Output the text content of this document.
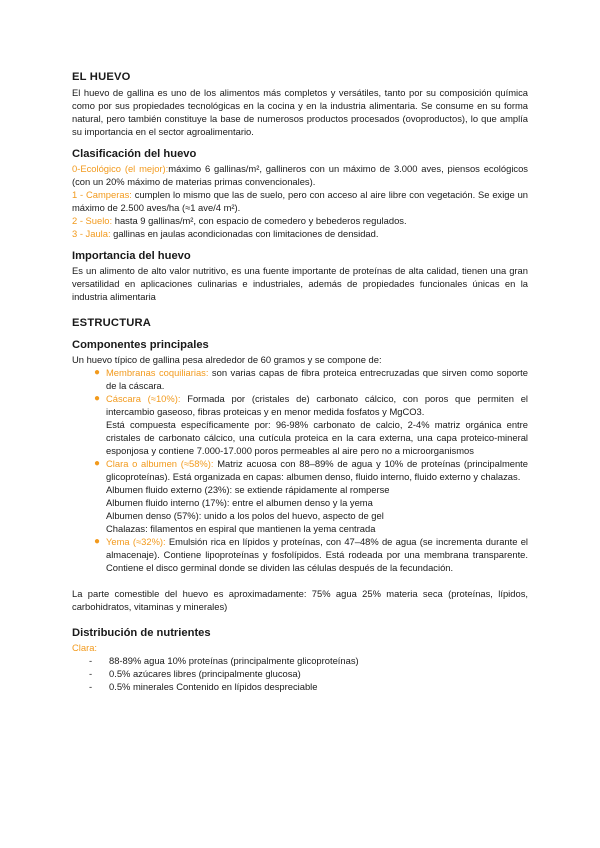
EL HUEVO

El huevo de gallina es uno de los alimentos más completos y versátiles, tanto por su composición química como por sus propiedades tecnológicas en la cocina y en la industria alimentaria. Se consume en su forma natural, pero también constituye la base de numerosos productos procesados (ovoproductos), lo que amplía su importancia en el sector agroalimentario.

Clasificación del huevo

0-Ecológico (el mejor):máximo 6 gallinas/m², gallineros con un máximo de 3.000 aves, piensos ecológicos (con un 20% máximo de materias primas convencionales).

1 - Camperas: cumplen lo mismo que las de suelo, pero con acceso al aire libre con vegetación. Se exige un máximo de 2.500 aves/ha (≈1 ave/4 m²).

2 - Suelo: hasta 9 gallinas/m², con espacio de comedero y bebederos regulados.

3 - Jaula: gallinas en jaulas acondicionadas con limitaciones de densidad.

Importancia del huevo

Es un alimento de alto valor nutritivo, es una fuente importante de proteínas de alta calidad, tienen una gran versatilidad en aplicaciones culinarias e industriales, además de propiedades funcionales únicas en la industria alimentaria

ESTRUCTURA
Componentes principales

Un huevo típico de gallina pesa alrededor de 60 gramos y se compone de:

● Membranas coquiliarias: son varias capas de fibra proteica entrecruzadas que sirven como soporte de la cáscara.
● Cáscara (≈10%): Formada por (cristales de) carbonato cálcico, con poros que permiten el intercambio gaseoso, fibras proteicas y en menor medida fosfatos y MgCO3.
Está compuesta específicamente por: 96-98% carbonato de calcio, 2-4% matriz orgánica entre cristales de carbonato cálcico, una cutícula proteica en la cara externa, una capa proteico-mineral esponjosa y contiene 7.000-17.000 poros permeables al aire pero no a microorganismos
● Clara o albumen (≈58%): Matriz acuosa con 88–89% de agua y 10% de proteínas (principalmente glicoproteínas). Está organizada en capas: albumen denso, fluido interno, fluido externo y chalazas.
Albumen fluido externo (23%): se extiende rápidamente al romperse
Albumen fluido interno (17%): entre el albumen denso y la yema
Albumen denso (57%): unido a los polos del huevo, aspecto de gel
Chalazas: filamentos en espiral que mantienen la yema centrada
● Yema (≈32%): Emulsión rica en lípidos y proteínas, con 47–48% de agua (se incrementa durante el almacenaje). Contiene lipoproteínas y fosfolípidos. Está rodeada por una membrana transparente. Contiene el disco germinal donde se dividen las células después de la fecundación.

La parte comestible del huevo es aproximadamente: 75% agua 25% materia seca (proteínas, lípidos, carbohidratos, vitaminas y minerales)

Distribución de nutrientes

Clara:

- 88-89% agua 10% proteínas (principalmente glicoproteínas)
- 0.5% azúcares libres (principalmente glucosa)
- 0.5% minerales Contenido en lípidos despreciable
